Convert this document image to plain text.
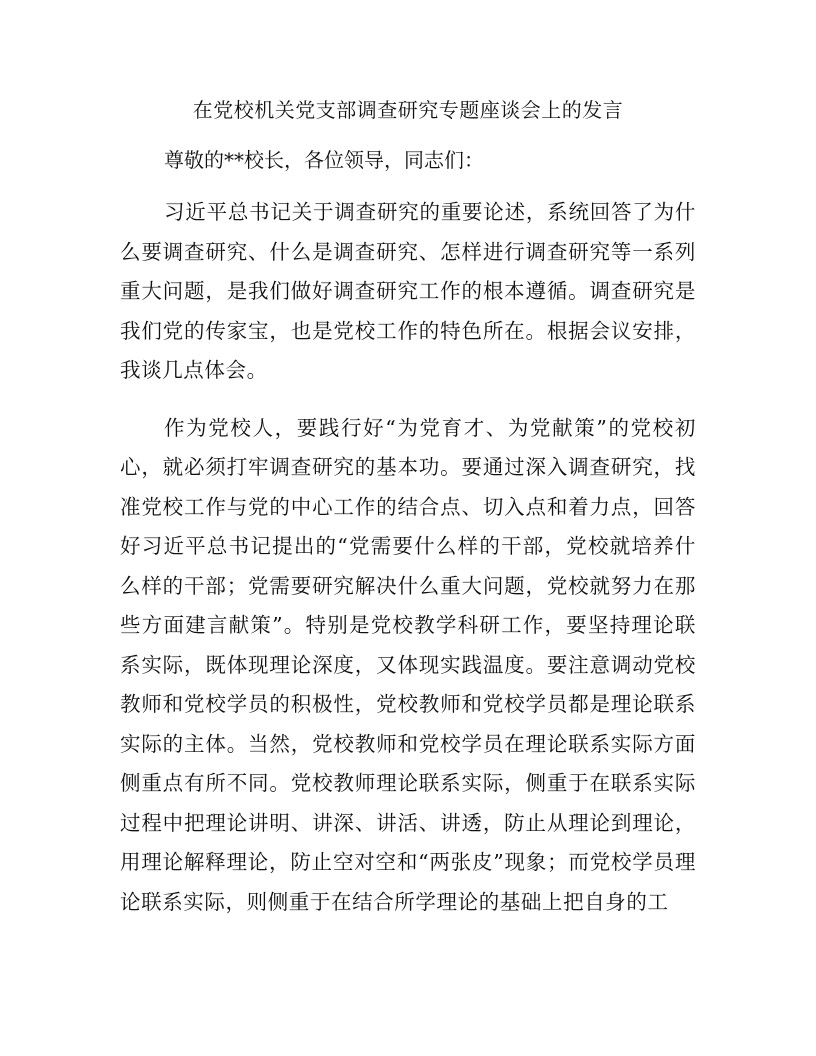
在党校机关党支部调查研究专题座谈会上的发言

尊敬的**校长，各位领导，同志们：

习近平总书记关于调查研究的重要论述，系统回答了为什么要调查研究、什么是调查研究、怎样进行调查研究等一系列重大问题，是我们做好调查研究工作的根本遵循。调查研究是我们党的传家宝，也是党校工作的特色所在。根据会议安排，我谈几点体会。

作为党校人，要践行好“为党育才、为党献策”的党校初心，就必须打牢调查研究的基本功。要通过深入调查研究，找准党校工作与党的中心工作的结合点、切入点和着力点，回答好习近平总书记提出的“党需要什么样的干部，党校就培养什么样的干部；党需要研究解决什么重大问题，党校就努力在那些方面建言献策”。特别是党校教学科研工作，要坚持理论联系实际，既体现理论深度，又体现实践温度。要注意调动党校教师和党校学员的积极性，党校教师和党校学员都是理论联系实际的主体。当然，党校教师和党校学员在理论联系实际方面侧重点有所不同。党校教师理论联系实际，侧重于在联系实际过程中把理论讲明、讲深、讲活、讲透，防止从理论到理论，用理论解释理论，防止空对空和“两张皮”现象；而党校学员理论联系实际，则侧重于在结合所学理论的基础上把自身的工
